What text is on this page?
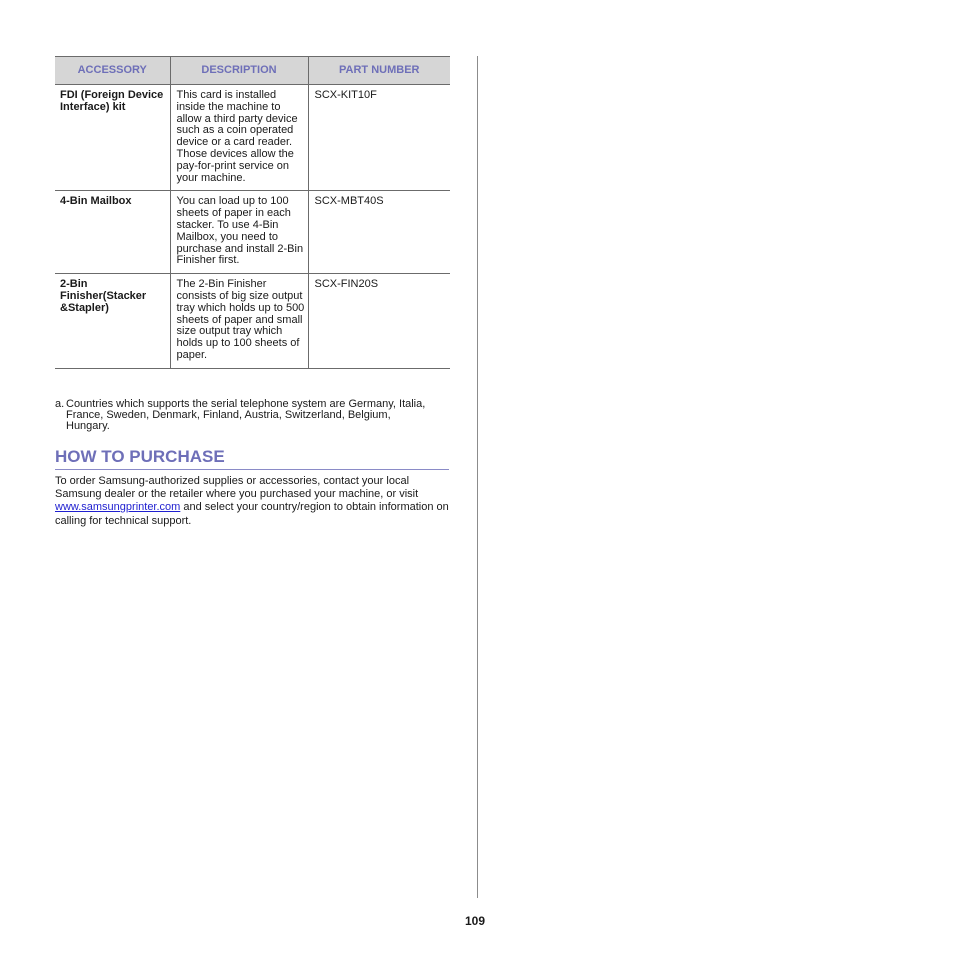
ACCESSORY	DESCRIPTION	PART NUMBER
FDI (Foreign Device Interface) kit	This card is installed inside the machine to allow a third party device such as a coin operated device or a card reader. Those devices allow the pay-for-print service on your machine.	SCX-KIT10F
4-Bin Mailbox	You can load up to 100 sheets of paper in each stacker. To use 4-Bin Mailbox, you need to purchase and install 2-Bin Finisher first.	SCX-MBT40S
2-Bin Finisher(Stacker &Stapler)	The 2-Bin Finisher consists of big size output tray which holds up to 500 sheets of paper and small size output tray which holds up to 100 sheets of paper.	SCX-FIN20S
a. Countries which supports the serial telephone system are Germany, Italia, France, Sweden, Denmark, Finland, Austria, Switzerland, Belgium, Hungary.
HOW TO PURCHASE

To order Samsung-authorized supplies or accessories, contact your local Samsung dealer or the retailer where you purchased your machine, or visit www.samsungprinter.com and select your country/region to obtain information on calling for technical support.

109
